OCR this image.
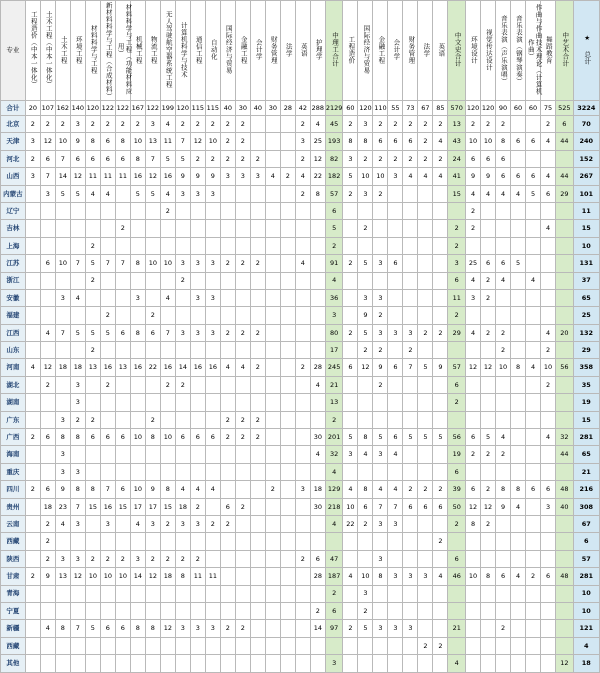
专业	工程造价（中本一体化）	土木工程（中本一体化）	土木工程	环境工程	材料科学与工程	新材料科学与工程（合成材料）	材料科学与工程（功能材料应用）	机械工程	物流工程	无人驾驶航空器系统工程	计算机科学与技术	通信工程	自动化	国际经济与贸易	金融工程	会计学	财务管理	法学	英语	护理学	中理工合计	工程造价	国际经济与贸易	金融工程	会计学	财务管理	法学	英语	中文史合计	环境设计	视觉传达设计	音乐表演（声乐演唱）	音乐表演（钢琴演奏）	作曲与作曲技术理论（计算机作曲）	舞蹈教育	中艺术合计	★ 总计
合计	20	107	162	140	120	122	122	167	122	199	120	115	115	40	30	40	30	28	42	288	2129	60	120	110	55	73	67	85	570	120	120	90	60	60	75	525	3224
北京	2	2	2	3	2	2	2	2	3	4	2	2	2	2	2				2	4	45	2	3	2	2	2	2	2	13	2	2	2			2	6	70
天津	3	12	10	9	8	6	8	10	13	11	7	12	10	2	2				3	25	193	8	8	6	6	6	2	4	43	10	10	8	6	6	4	44	240
河北	2	6	7	6	6	6	6	8	7	5	5	2	2	2	2	2			2	12	82	3	2	2	2	2	2	2	24	6	6	6					152
山西	3	7	14	12	11	11	11	16	12	16	9	9	9	3	3	3	4	2	4	22	182	5	10	10	3	4	4	4	41	9	9	6	6	6	4	44	267
内蒙古		3	5	5	4	4		5	5	4	3	3	3						2	8	57	2	3	2					15	4	4	4	4	5	6	29	101
辽宁										2											6									2							11
吉林							2														5		2						2	2					4		15
上海					2																2								2								10
江苏		6	10	7	5	7	7	8	10	10	3	3	3	2	2	2			4		91	2	5	3	6				3	25	6	6	5				131
浙江					2						2										4								6	4	2	4		4			37
安徽			3	4				3		4		3	3								36		3	3					11	3	2						65
福建						2			2												3		9	2					2								25
江西		4	7	5	5	5	6	8	6	7	3	3	3	2	2	2					80	2	5	3	3	3	2	2	29	4	2	2			4	20	132
山东					2																17		2	2		2						2			2		29
河南	4	12	18	18	13	16	13	16	22	16	14	16	16	4	4	2			2	28	245	6	12	9	6	7	5	9	57	12	12	10	8	4	10	56	358
湖北		2		3		2				2	2									4	21			2					6						2		35
湖南				3																	13								2								19
广东			3	2	2				2					2	2	2					2																15
广西	2	6	8	8	6	6	6	10	8	10	6	6	6	2	2	2				30	201	5	8	5	6	5	5	5	56	6	5	4			4	32	281
海南			3																	4	32	3	4	3	4				19	2	2	2				44	65
重庆			3	3																	4								6								21
四川	2	6	9	8	8	7	6	10	9	8	4	4	4				2		3	18	129	4	8	4	4	2	2	2	39	6	2	8	8	6	6	48	216
贵州		18	23	7	15	16	15	17	17	15	18	2		6	2					30	218	10	6	7	7	6	6	6	50	12	12	9	4		3	40	308
云南		2	4	3		3		4	3	2	3	3	2	2							4	22	2	3	3				2	8	2						67
西藏		2																										2									6
陕西		2	3	3	2	2	2	3	2	2	2	2							2	6	47			3					6								57
甘肃	2	9	13	12	10	10	10	14	12	18	8	11	11							28	187	4	10	8	3	3	3	4	46	10	8	6	4	2	6	48	281
青海																					2		3														10
宁夏																				2	6		2														10
新疆		4	8	7	5	6	6	8	8	12	3	3	3	2	2					14	97	2	5	3	3	3			21			2					121
西藏																											2	2									4
其他																					3								4							12	18
